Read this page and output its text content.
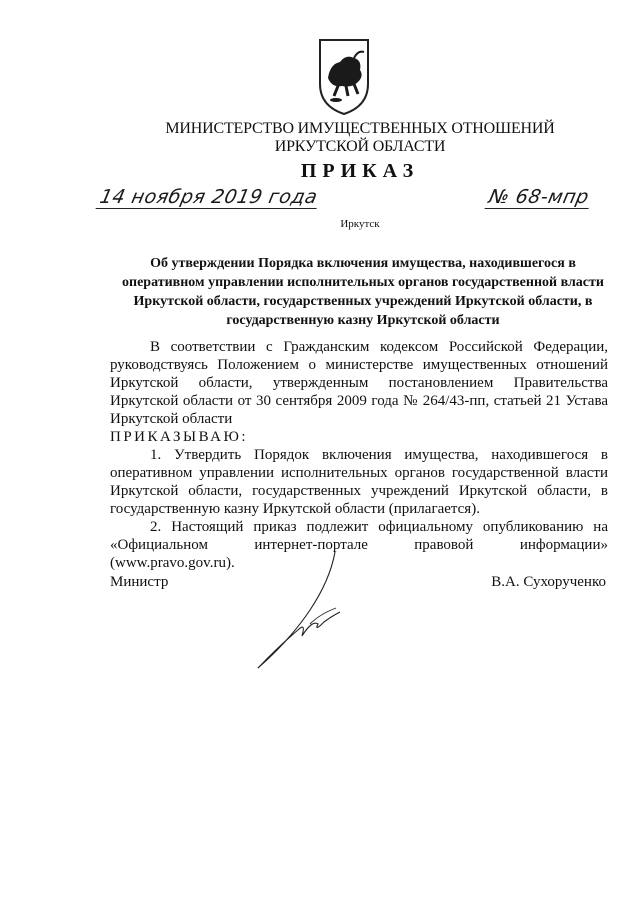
МИНИСТЕРСТВО ИМУЩЕСТВЕННЫХ ОТНОШЕНИЙ
ИРКУТСКОЙ ОБЛАСТИ
ПРИКАЗ
14 ноября 2019 года	№ 68-мпр
Иркутск
Об утверждении Порядка включения имущества, находившегося в оперативном управлении исполнительных органов государственной власти Иркутской области, государственных учреждений Иркутской области, в государственную казну Иркутской области

В соответствии с Гражданским кодексом Российской Федерации, руководствуясь Положением о министерстве имущественных отношений Иркутской области, утвержденным постановлением Правительства Иркутской области от 30 сентября 2009 года № 264/43-пп, статьей 21 Устава Иркутской области

ПРИКАЗЫВАЮ:

1. Утвердить Порядок включения имущества, находившегося в оперативном управлении исполнительных органов государственной власти Иркутской области, государственных учреждений Иркутской области, в государственную казну Иркутской области (прилагается).

2. Настоящий приказ подлежит официальному опубликованию на «Официальном интернет-портале правовой информации» (www.pravo.gov.ru).

Министр	В.А. Сухорученко
